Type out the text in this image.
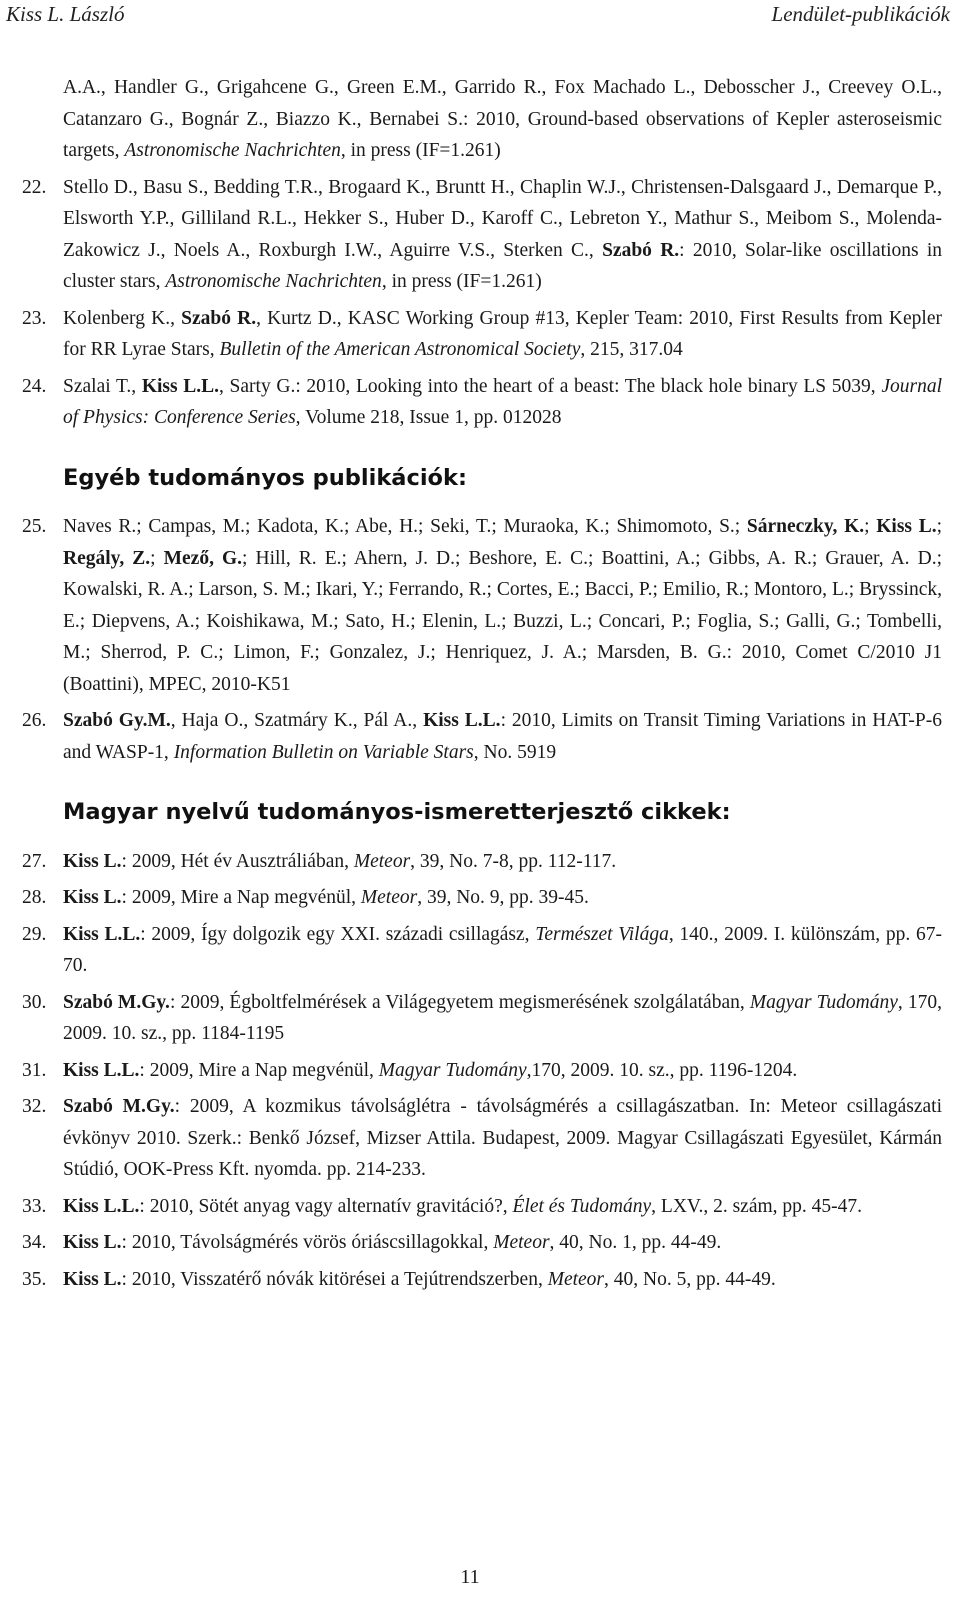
Kiss L. László	Lendület-publikációk
A.A., Handler G., Grigahcene G., Green E.M., Garrido R., Fox Machado L., Debosscher J., Creevey O.L., Catanzaro G., Bognár Z., Biazzo K., Bernabei S.: 2010, Ground-based observations of Kepler asteroseismic targets, Astronomische Nachrichten, in press (IF=1.261)
22. Stello D., Basu S., Bedding T.R., Brogaard K., Bruntt H., Chaplin W.J., Christensen-Dalsgaard J., Demarque P., Elsworth Y.P., Gilliland R.L., Hekker S., Huber D., Karoff C., Lebreton Y., Mathur S., Meibom S., Molenda-Zakowicz J., Noels A., Roxburgh I.W., Aguirre V.S., Sterken C., Szabó R.: 2010, Solar-like oscillations in cluster stars, Astronomische Nachrichten, in press (IF=1.261)
23. Kolenberg K., Szabó R., Kurtz D., KASC Working Group #13, Kepler Team: 2010, First Results from Kepler for RR Lyrae Stars, Bulletin of the American Astronomical Society, 215, 317.04
24. Szalai T., Kiss L.L., Sarty G.: 2010, Looking into the heart of a beast: The black hole binary LS 5039, Journal of Physics: Conference Series, Volume 218, Issue 1, pp. 012028
Egyéb tudományos publikációk:
25. Naves R.; Campas, M.; Kadota, K.; Abe, H.; Seki, T.; Muraoka, K.; Shimomoto, S.; Sárneczky, K.; Kiss L.; Regály, Z.; Mező, G.; Hill, R. E.; Ahern, J. D.; Beshore, E. C.; Boattini, A.; Gibbs, A. R.; Grauer, A. D.; Kowalski, R. A.; Larson, S. M.; Ikari, Y.; Ferrando, R.; Cortes, E.; Bacci, P.; Emilio, R.; Montoro, L.; Bryssinck, E.; Diepvens, A.; Koishikawa, M.; Sato, H.; Elenin, L.; Buzzi, L.; Concari, P.; Foglia, S.; Galli, G.; Tombelli, M.; Sherrod, P. C.; Limon, F.; Gonzalez, J.; Henriquez, J. A.; Marsden, B. G.: 2010, Comet C/2010 J1 (Boattini), MPEC, 2010-K51
26. Szabó Gy.M., Haja O., Szatmáry K., Pál A., Kiss L.L.: 2010, Limits on Transit Timing Variations in HAT-P-6 and WASP-1, Information Bulletin on Variable Stars, No. 5919
Magyar nyelvű tudományos-ismeretterjesztő cikkek:
27. Kiss L.: 2009, Hét év Ausztráliában, Meteor, 39, No. 7-8, pp. 112-117.
28. Kiss L.: 2009, Mire a Nap megvénül, Meteor, 39, No. 9, pp. 39-45.
29. Kiss L.L.: 2009, Így dolgozik egy XXI. századi csillagász, Természet Világa, 140., 2009. I. különszám, pp. 67-70.
30. Szabó M.Gy.: 2009, Égboltfelmérések a Világegyetem megismerésének szolgálatában, Magyar Tudomány, 170, 2009. 10. sz., pp. 1184-1195
31. Kiss L.L.: 2009, Mire a Nap megvénül, Magyar Tudomány,170, 2009. 10. sz., pp. 1196-1204.
32. Szabó M.Gy.: 2009, A kozmikus távolságlétra - távolságmérés a csillagászatban. In: Meteor csillagászati évkönyv 2010. Szerk.: Benkő József, Mizser Attila. Budapest, 2009. Magyar Csillagászati Egyesület, Kármán Stúdió, OOK-Press Kft. nyomda. pp. 214-233.
33. Kiss L.L.: 2010, Sötét anyag vagy alternatív gravitáció?, Élet és Tudomány, LXV., 2. szám, pp. 45-47.
34. Kiss L.: 2010, Távolságmérés vörös óriáscsillagokkal, Meteor, 40, No. 1, pp. 44-49.
35. Kiss L.: 2010, Visszatérő nóvák kitörései a Tejútrendszerben, Meteor, 40, No. 5, pp. 44-49.
11
